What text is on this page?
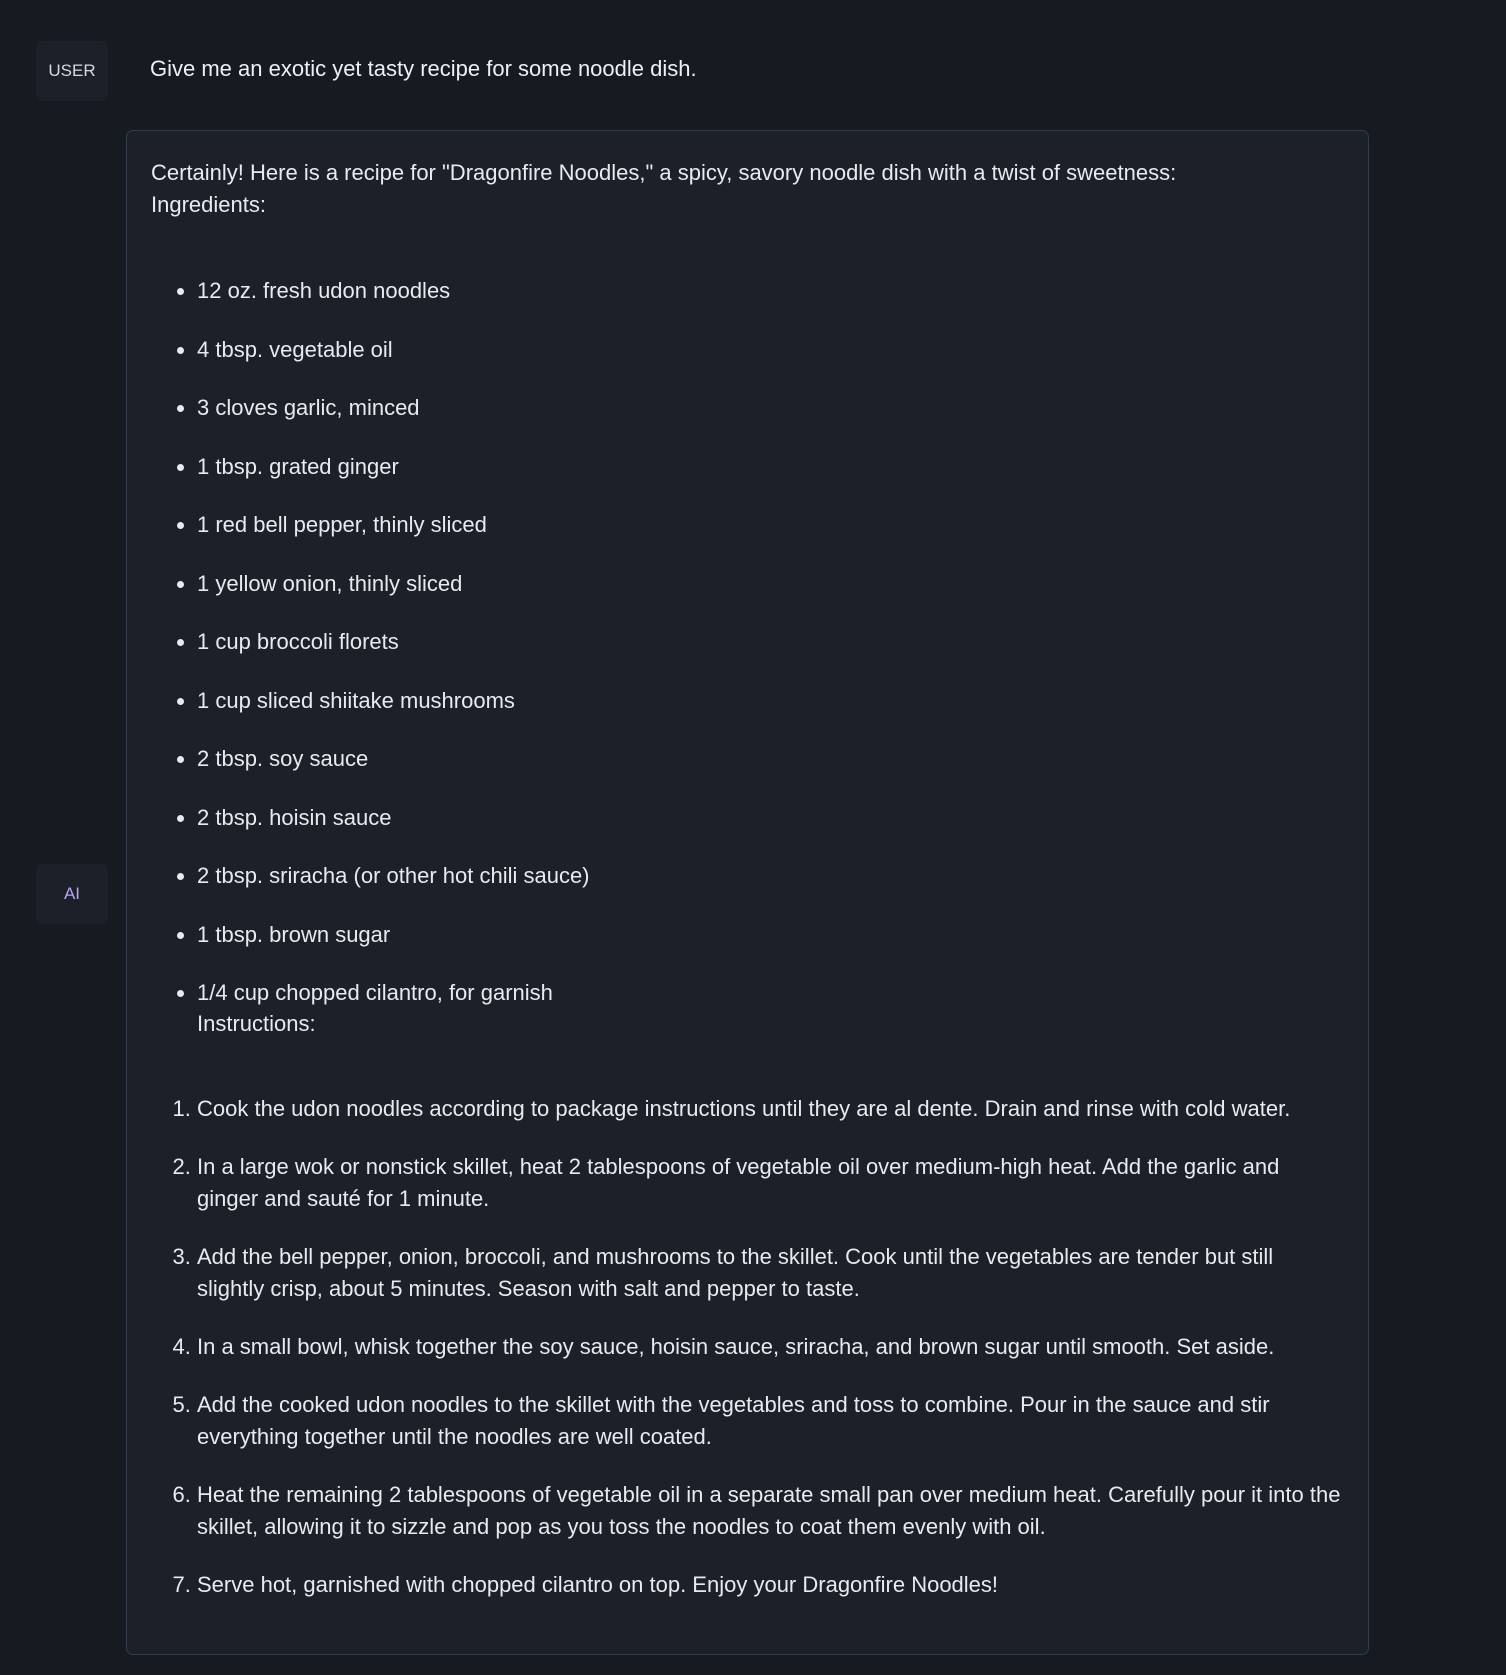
USER Give me an exotic yet tasty recipe for some noodle dish.
AI
Certainly! Here is a recipe for "Dragonfire Noodles," a spicy, savory noodle dish with a twist of sweetness:
Ingredients:
• 12 oz. fresh udon noodles
• 4 tbsp. vegetable oil
• 3 cloves garlic, minced
• 1 tbsp. grated ginger
• 1 red bell pepper, thinly sliced
• 1 yellow onion, thinly sliced
• 1 cup broccoli florets
• 1 cup sliced shiitake mushrooms
• 2 tbsp. soy sauce
• 2 tbsp. hoisin sauce
• 2 tbsp. sriracha (or other hot chili sauce)
• 1 tbsp. brown sugar
• 1/4 cup chopped cilantro, for garnish
Instructions:
1. Cook the udon noodles according to package instructions until they are al dente. Drain and rinse with cold water.
2. In a large wok or nonstick skillet, heat 2 tablespoons of vegetable oil over medium-high heat. Add the garlic and ginger and sauté for 1 minute.
3. Add the bell pepper, onion, broccoli, and mushrooms to the skillet. Cook until the vegetables are tender but still slightly crisp, about 5 minutes. Season with salt and pepper to taste.
4. In a small bowl, whisk together the soy sauce, hoisin sauce, sriracha, and brown sugar until smooth. Set aside.
5. Add the cooked udon noodles to the skillet with the vegetables and toss to combine. Pour in the sauce and stir everything together until the noodles are well coated.
6. Heat the remaining 2 tablespoons of vegetable oil in a separate small pan over medium heat. Carefully pour it into the skillet, allowing it to sizzle and pop as you toss the noodles to coat them evenly with oil.
7. Serve hot, garnished with chopped cilantro on top. Enjoy your Dragonfire Noodles!
